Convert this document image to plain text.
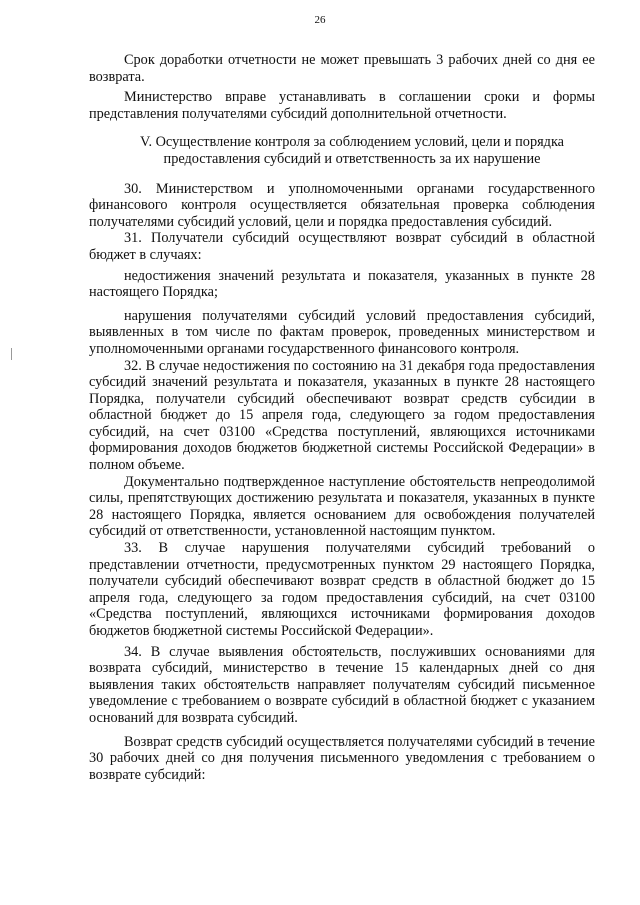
26

Срок доработки отчетности не может превышать 3 рабочих дней со дня ее возврата.

Министерство вправе устанавливать в соглашении сроки и формы представления получателями субсидий дополнительной отчетности.

V. Осуществление контроля за соблюдением условий, цели и порядка
предоставления субсидий и ответственность за их нарушение

30. Министерством и уполномоченными органами государственного финансового контроля осуществляется обязательная проверка соблюдения получателями субсидий условий, цели и порядка предоставления субсидий.

31. Получатели субсидий осуществляют возврат субсидий в областной бюджет в случаях:

недостижения значений результата и показателя, указанных в пункте 28 настоящего Порядка;

нарушения получателями субсидий условий предоставления субсидий, выявленных в том числе по фактам проверок, проведенных министерством и уполномоченными органами государственного финансового контроля.

32. В случае недостижения по состоянию на 31 декабря года предоставления субсидий значений результата и показателя, указанных в пункте 28 настоящего Порядка, получатели субсидий обеспечивают возврат средств субсидии в областной бюджет до 15 апреля года, следующего за годом предоставления субсидий, на счет 03100 «Средства поступлений, являющихся источниками формирования доходов бюджетов бюджетной системы Российской Федерации» в полном объеме.

Документально подтвержденное наступление обстоятельств непреодолимой силы, препятствующих достижению результата и показателя, указанных в пункте 28 настоящего Порядка, является основанием для освобождения получателей субсидий от ответственности, установленной настоящим пунктом.

33. В случае нарушения получателями субсидий требований о представлении отчетности, предусмотренных пунктом 29 настоящего Порядка, получатели субсидий обеспечивают возврат средств в областной бюджет до 15 апреля года, следующего за годом предоставления субсидий, на счет 03100 «Средства поступлений, являющихся источниками формирования доходов бюджетов бюджетной системы Российской Федерации».

34. В случае выявления обстоятельств, послуживших основаниями для возврата субсидий, министерство в течение 15 календарных дней со дня выявления таких обстоятельств направляет получателям субсидий письменное уведомление с требованием о возврате субсидий в областной бюджет с указанием оснований для возврата субсидий.

Возврат средств субсидий осуществляется получателями субсидий в течение 30 рабочих дней со дня получения письменного уведомления с требованием о возврате субсидий:
